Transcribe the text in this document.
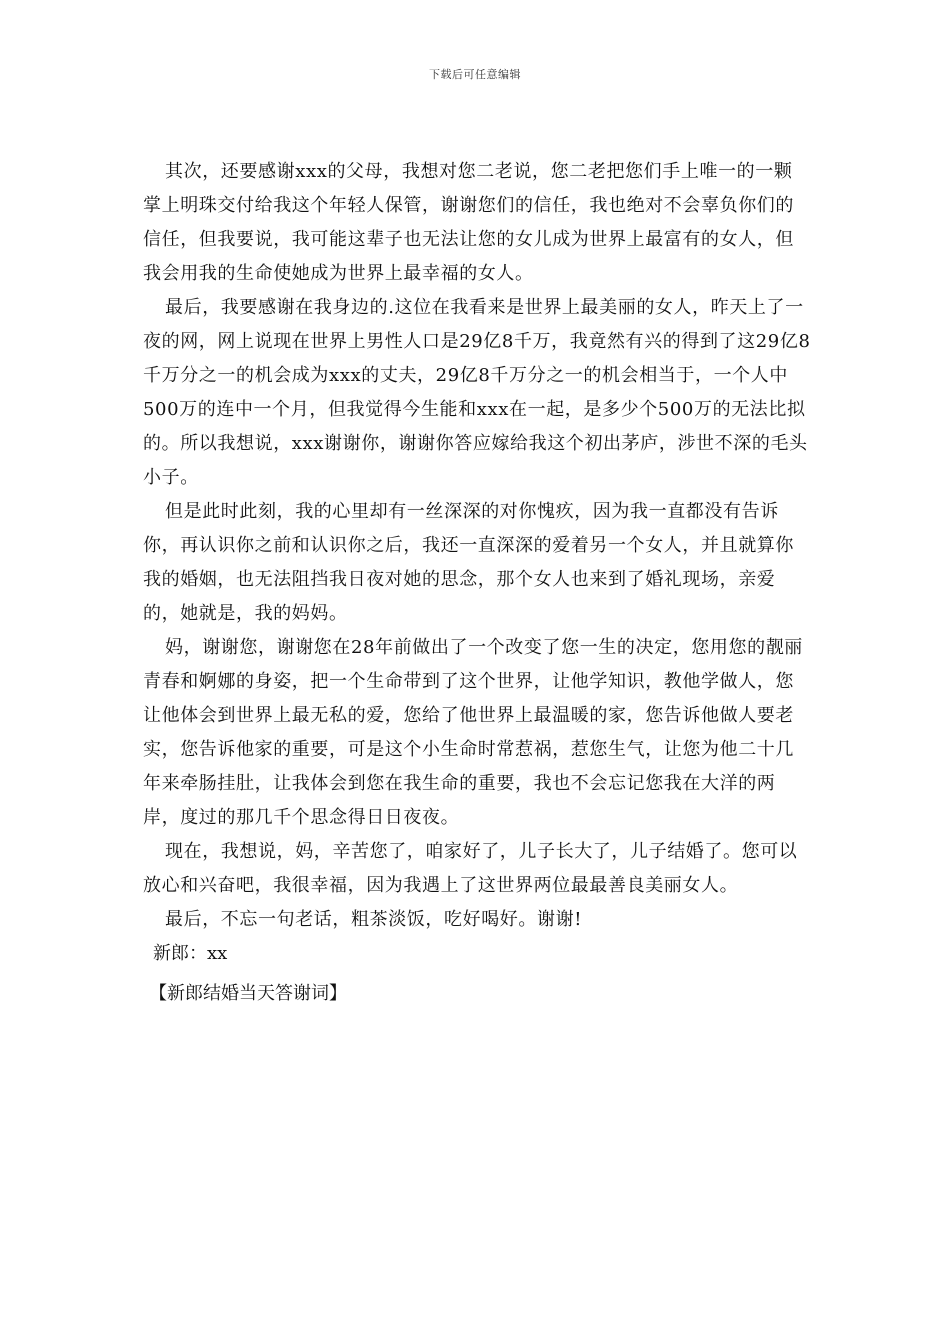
下载后可任意编辑

其次，还要感谢xxx的父母，我想对您二老说，您二老把您们手上唯一的一颗掌上明珠交付给我这个年轻人保管，谢谢您们的信任，我也绝对不会辜负你们的信任，但我要说，我可能这辈子也无法让您的女儿成为世界上最富有的女人，但我会用我的生命使她成为世界上最幸福的女人。

最后，我要感谢在我身边的.这位在我看来是世界上最美丽的女人，昨天上了一夜的网，网上说现在世界上男性人口是29亿8千万，我竟然有兴的得到了这29亿8千万分之一的机会成为xxx的丈夫，29亿8千万分之一的机会相当于，一个人中500万的连中一个月，但我觉得今生能和xxx在一起，是多少个500万的无法比拟的。所以我想说，xxx谢谢你，谢谢你答应嫁给我这个初出茅庐，涉世不深的毛头小子。

但是此时此刻，我的心里却有一丝深深的对你愧疚，因为我一直都没有告诉你，再认识你之前和认识你之后，我还一直深深的爱着另一个女人，并且就算你我的婚姻，也无法阻挡我日夜对她的思念，那个女人也来到了婚礼现场，亲爱的，她就是，我的妈妈。

妈，谢谢您，谢谢您在28年前做出了一个改变了您一生的决定，您用您的靓丽青春和婀娜的身姿，把一个生命带到了这个世界，让他学知识，教他学做人，您让他体会到世界上最无私的爱，您给了他世界上最温暖的家，您告诉他做人要老实，您告诉他家的重要，可是这个小生命时常惹祸，惹您生气，让您为他二十几年来牵肠挂肚，让我体会到您在我生命的重要，我也不会忘记您我在大洋的两岸，度过的那几千个思念得日日夜夜。

现在，我想说，妈，辛苦您了，咱家好了，儿子长大了，儿子结婚了。您可以放心和兴奋吧，我很幸福，因为我遇上了这世界两位最最善良美丽女人。

最后，不忘一句老话，粗茶淡饭，吃好喝好。谢谢!

新郎：xx

【新郎结婚当天答谢词】
